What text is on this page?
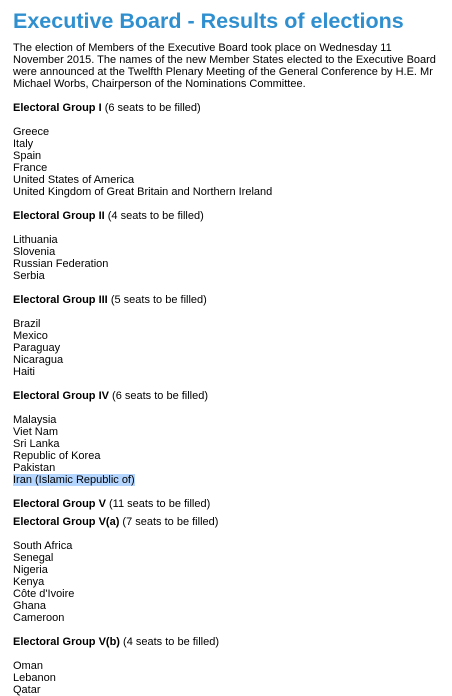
Executive Board - Results of elections

The election of Members of the Executive Board took place on Wednesday 11 November 2015. The names of the new Member States elected to the Executive Board were announced at the Twelfth Plenary Meeting of the General Conference by H.E. Mr Michael Worbs, Chairperson of the Nominations Committee.

Electoral Group I (6 seats to be filled)

Greece
Italy
Spain
France
United States of America
United Kingdom of Great Britain and Northern Ireland

Electoral Group II (4 seats to be filled)

Lithuania
Slovenia
Russian Federation
Serbia

Electoral Group III (5 seats to be filled)

Brazil
Mexico
Paraguay
Nicaragua
Haiti

Electoral Group IV (6 seats to be filled)

Malaysia
Viet Nam
Sri Lanka
Republic of Korea
Pakistan
Iran (Islamic Republic of)

Electoral Group V (11 seats to be filled)

Electoral Group V(a) (7 seats to be filled)

South Africa
Senegal
Nigeria
Kenya
Côte d'Ivoire
Ghana
Cameroon

Electoral Group V(b) (4 seats to be filled)

Oman
Lebanon
Qatar
